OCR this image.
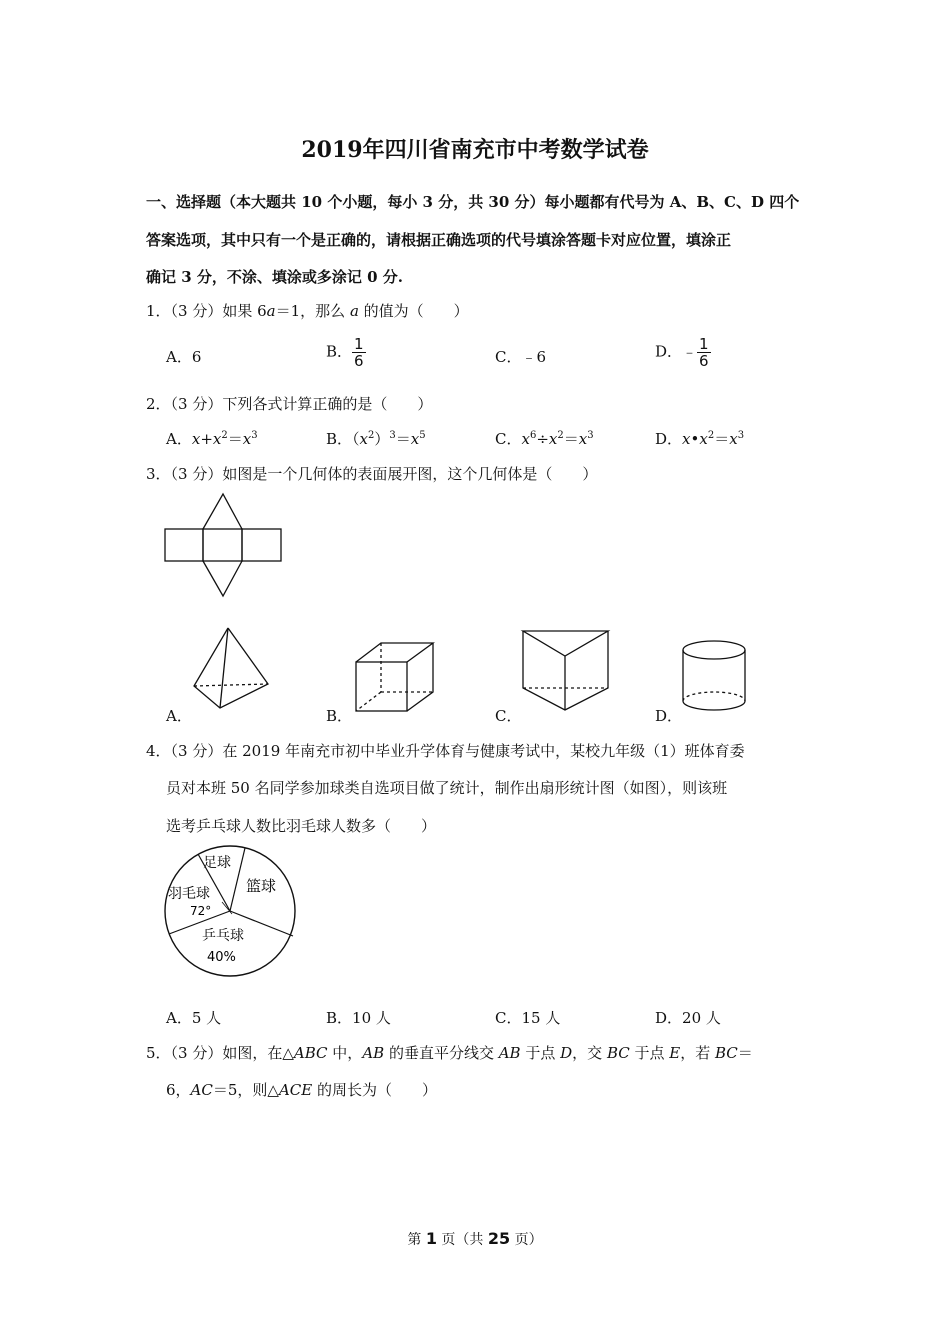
2019年四川省南充市中考数学试卷
一、选择题（本大题共 10 个小题，每小 3 分，共 30 分）每小题都有代号为 A、B、C、D 四个
答案选项，其中只有一个是正确的，请根据正确选项的代号填涂答题卡对应位置，填涂正
确记 3 分，不涂、填涂或多涂记 0 分.
1．（3 分）如果 6a＝1，那么 a 的值为（　　）
A．6	B． $\frac{1}{6}$	C．﹣6	D．﹣ $\frac{1}{6}$
2．（3 分）下列各式计算正确的是（　　）
A．$x+x^2=x^3$	B．$(x^2)^3=x^5$	C．$x^6\div x^2=x^3$	D．$x•x^2=x^3$
3．（3 分）如图是一个几何体的表面展开图，这个几何体是（　　）
A．	B．	C．	D．
4．（3 分）在 2019 年南充市初中毕业升学体育与健康考试中，某校九年级（1）班体育委
员对本班 50 名同学参加球类自选项目做了统计，制作出扇形统计图（如图），则该班
选考乒乓球人数比羽毛球人数多（　　）
足球
篮球
羽毛球
72°
乒乓球
40%
A．5 人	B．10 人	C．15 人	D．20 人
5．（3 分）如图，在△ABC 中，AB 的垂直平分线交 AB 于点 D，交 BC 于点 E，若 BC＝
6，AC＝5，则△ACE 的周长为（　　）
第 1 页（共 25 页）
